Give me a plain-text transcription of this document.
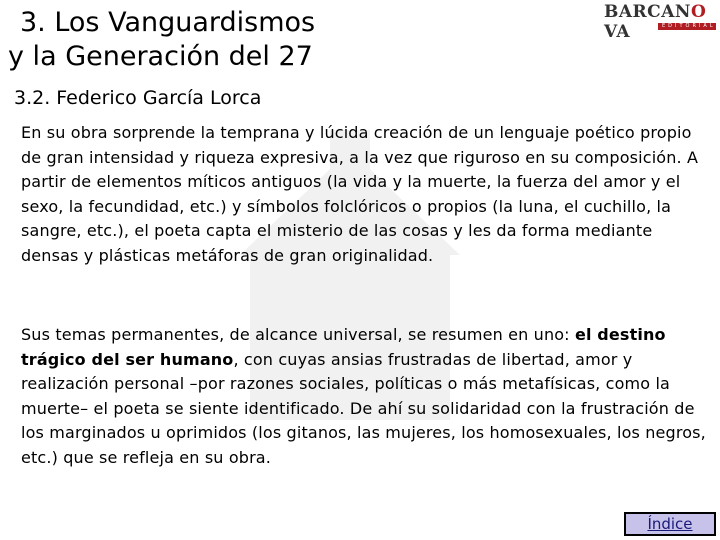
3. Los Vanguardismos
y la Generación del 27
BARCANOVA	EDITORIAL
3.2. Federico García Lorca

En su obra sorprende la temprana y lúcida creación de un lenguaje poético propio de gran intensidad y riqueza expresiva, a la vez que riguroso en su composición. A partir de elementos míticos antiguos (la vida y la muerte, la fuerza del amor y el sexo, la fecundidad, etc.) y símbolos folclóricos o propios (la luna, el cuchillo, la sangre, etc.), el poeta capta el misterio de las cosas y les da forma mediante densas y plásticas metáforas de gran originalidad.

Sus temas permanentes, de alcance universal, se resumen en uno: el destino trágico del ser humano, con cuyas ansias frustradas de libertad, amor y realización personal –por razones sociales, políticas o más metafísicas, como la muerte– el poeta se siente identificado. De ahí su solidaridad con la frustración de los marginados u oprimidos (los gitanos, las mujeres, los homosexuales, los negros, etc.) que se refleja en su obra.

Índice
